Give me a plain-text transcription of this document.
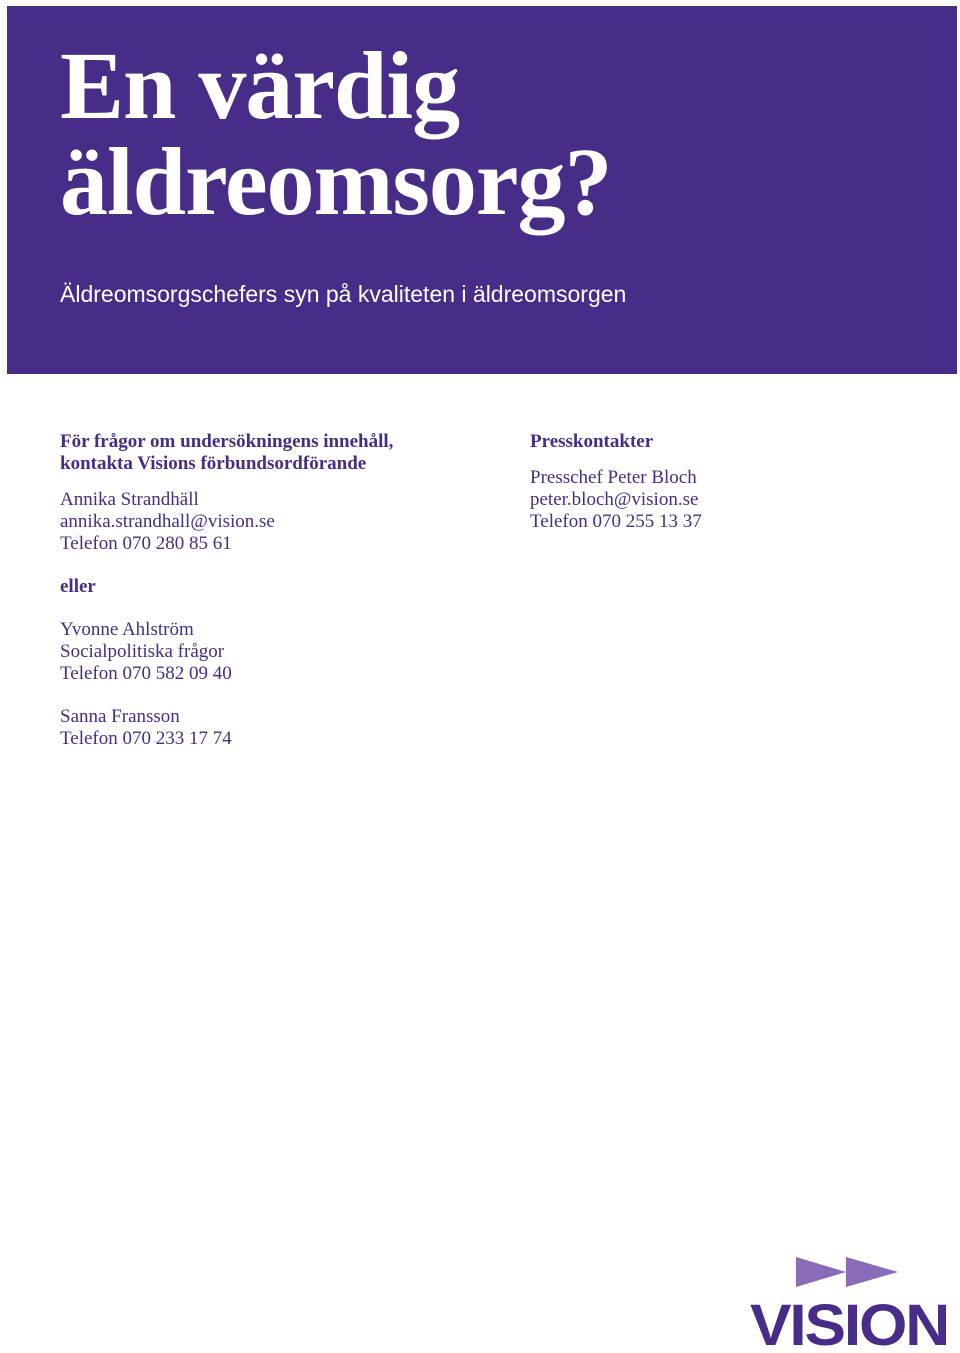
En värdig
äldreomsorg?
Äldreomsorgschefers syn på kvaliteten i äldreomsorgen
För frågor om undersökningens innehåll,
kontakta Visions förbundsordförande
Annika Strandhäll
annika.strandhall@vision.se
Telefon 070 280 85 61
eller
Yvonne Ahlström
Socialpolitiska frågor
Telefon 070 582 09 40
Sanna Fransson
Telefon 070 233 17 74
Presskontakter
Presschef Peter Bloch
peter.bloch@vision.se
Telefon 070 255 13 37
VISION
